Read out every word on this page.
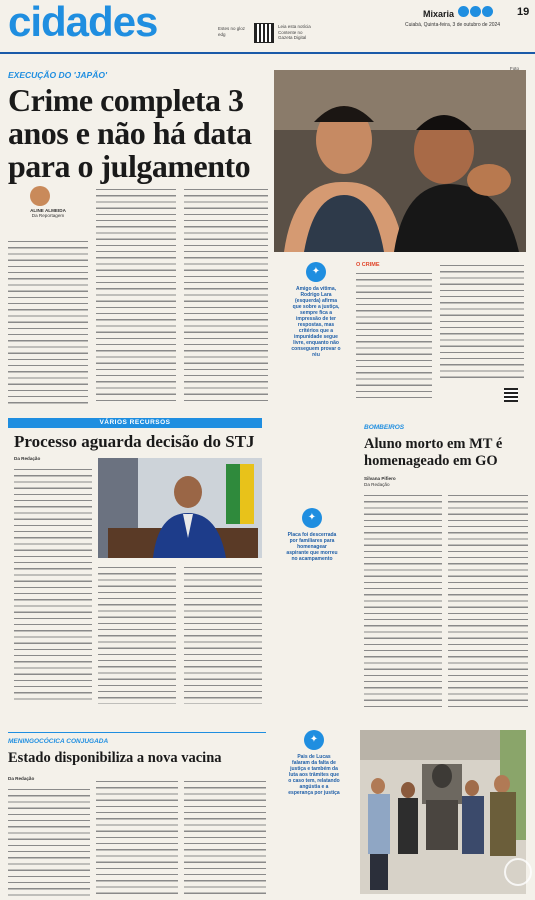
cidades	Estes no gloz edg
Leia esta notícia Contente no Gazeta Digital
Mixaria	19
Cuiabá, Quinta-feira, 3 de outubro de 2024
EXECUÇÃO DO 'JAPÃO'
Crime completa 3 anos e não há data para o julgamento
ALINE ALMEIDA
Da Reportagem
Foto
✦
Amigo da vítima, Rodrigo Lara (esquerda) afirma que sobre a justiça, sempre fica a impressão de ter respostas, mas critérios que a impunidade segue livre, enquanto não conseguem provar o réu
O CRIME
VÁRIOS RECURSOS
Processo aguarda decisão do STJ
Da Redação
BOMBEIROS
Aluno morto em MT é homenageado em GO
Silvana Pifiero
Da Redação
✦
Placa foi descerrada por familiares para homenagear aspirante que morreu no acampamento
MENINGOCÓCICA CONJUGADA
Estado disponibiliza a nova vacina
Da Redação
✦
Pais de Lucas falaram da falta de justiça e também da luta aos trâmites que o caso tem, relatando angústia e a esperança por justiça
